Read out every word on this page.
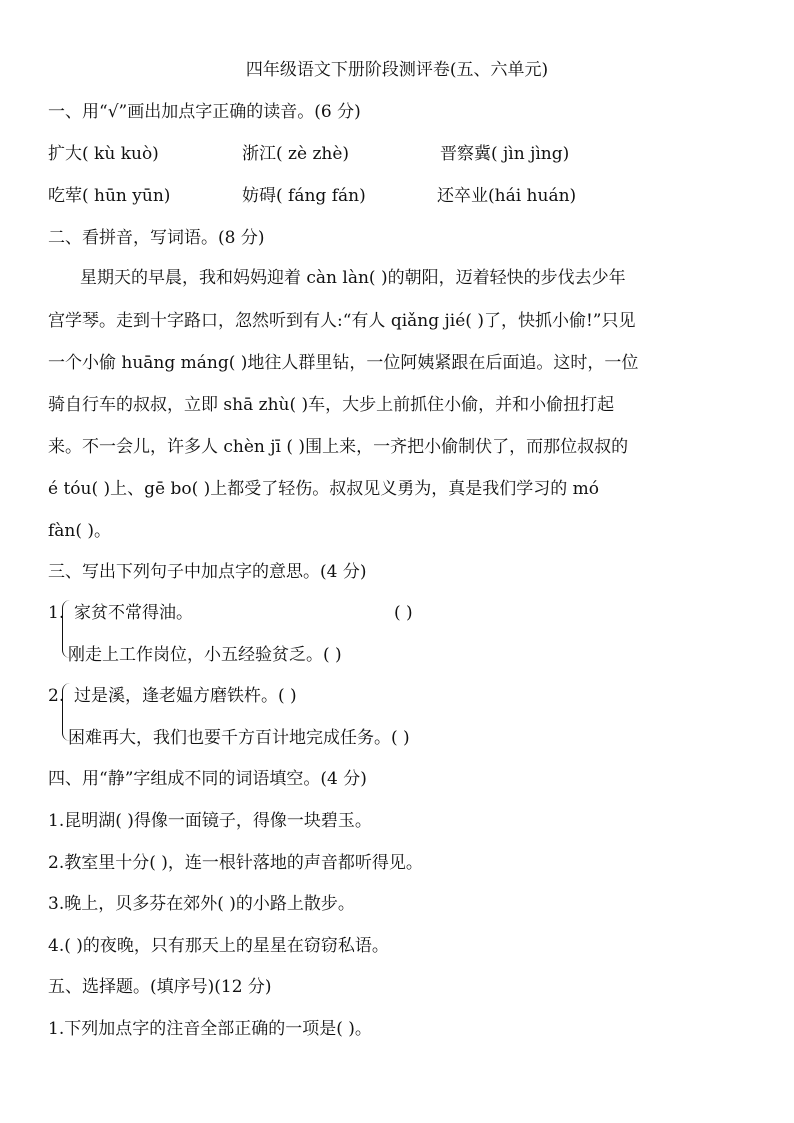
四年级语文下册阶段测评卷(五、六单元)
一、用“√”画出加点字正确的读音。(6 分)
扩大( kù kuò)	浙江( zè zhè)	晋察冀( jìn jìng)
吃荤( hūn yūn)	妨碍( fáng fán)	还卒业(hái huán)
二、看拼音，写词语。(8 分)
星期天的早晨，我和妈妈迎着 càn làn( )的朝阳，迈着轻快的步伐去少年
宫学琴。走到十字路口，忽然听到有人:“有人 qiǎng jié( )了，快抓小偷!”只见
一个小偷 huāng máng( )地往人群里钻，一位阿姨紧跟在后面追。这时，一位
骑自行车的叔叔，立即 shā zhù( )车，大步上前抓住小偷，并和小偷扭打起
来。不一会儿，许多人 chèn jī ( )围上来，一齐把小偷制伏了，而那位叔叔的
é tóu( )上、gē bo( )上都受了轻伤。叔叔见义勇为，真是我们学习的 mó
fàn( )。
三、写出下列句子中加点字的意思。(4 分)
1. 家贫不常得油。	( )
刚走上工作岗位，小五经验贫乏。( )
2. 过是溪，逢老媪方磨铁杵。( )
困难再大，我们也要千方百计地完成任务。( )
四、用“静”字组成不同的词语填空。(4 分)
1.昆明湖( )得像一面镜子，得像一块碧玉。
2.教室里十分( )，连一根针落地的声音都听得见。
3.晚上，贝多芬在郊外( )的小路上散步。
4.( )的夜晚，只有那天上的星星在窃窃私语。
五、选择题。(填序号)(12 分)
1.下列加点字的注音全部正确的一项是( )。
